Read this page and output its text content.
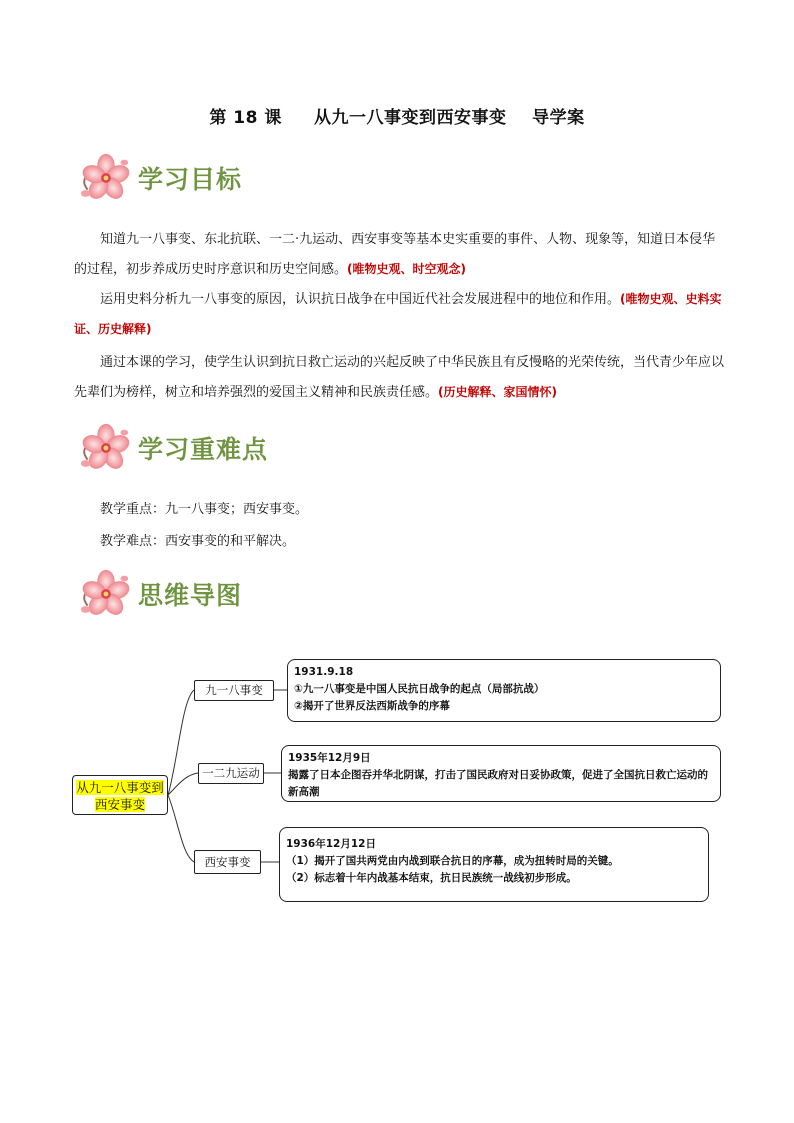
第 18 课     从九一八事变到西安事变    导学案
学习目标
知道九一八事变、东北抗联、一二·九运动、西安事变等基本史实重要的事件、人物、现象等，知道日本侵华的过程，初步养成历史时序意识和历史空间感。(唯物史观、时空观念)
运用史料分析九一八事变的原因，认识抗日战争在中国近代社会发展进程中的地位和作用。(唯物史观、史料实证、历史解释)
通过本课的学习，使学生认识到抗日救亡运动的兴起反映了中华民族且有反慢略的光荣传统，当代青少年应以先辈们为榜样，树立和培养强烈的爱国主义精神和民族责任感。(历史解释、家国情怀)
学习重难点
教学重点：九一八事变；西安事变。
教学难点：西安事变的和平解决。
思维导图
从九一八事变到
西安事变
九一八事变
1931.9.18
①九一八事变是中国人民抗日战争的起点（局部抗战）
②揭开了世界反法西斯战争的序幕
一二九运动
1935年12月9日
揭露了日本企图吞并华北阴谋，打击了国民政府对日妥协政策，促进了全国抗日救亡运动的新高潮
西安事变
1936年12月12日
（1）揭开了国共两党由内战到联合抗日的序幕，成为扭转时局的关键。
（2）标志着十年内战基本结束，抗日民族统一战线初步形成。
